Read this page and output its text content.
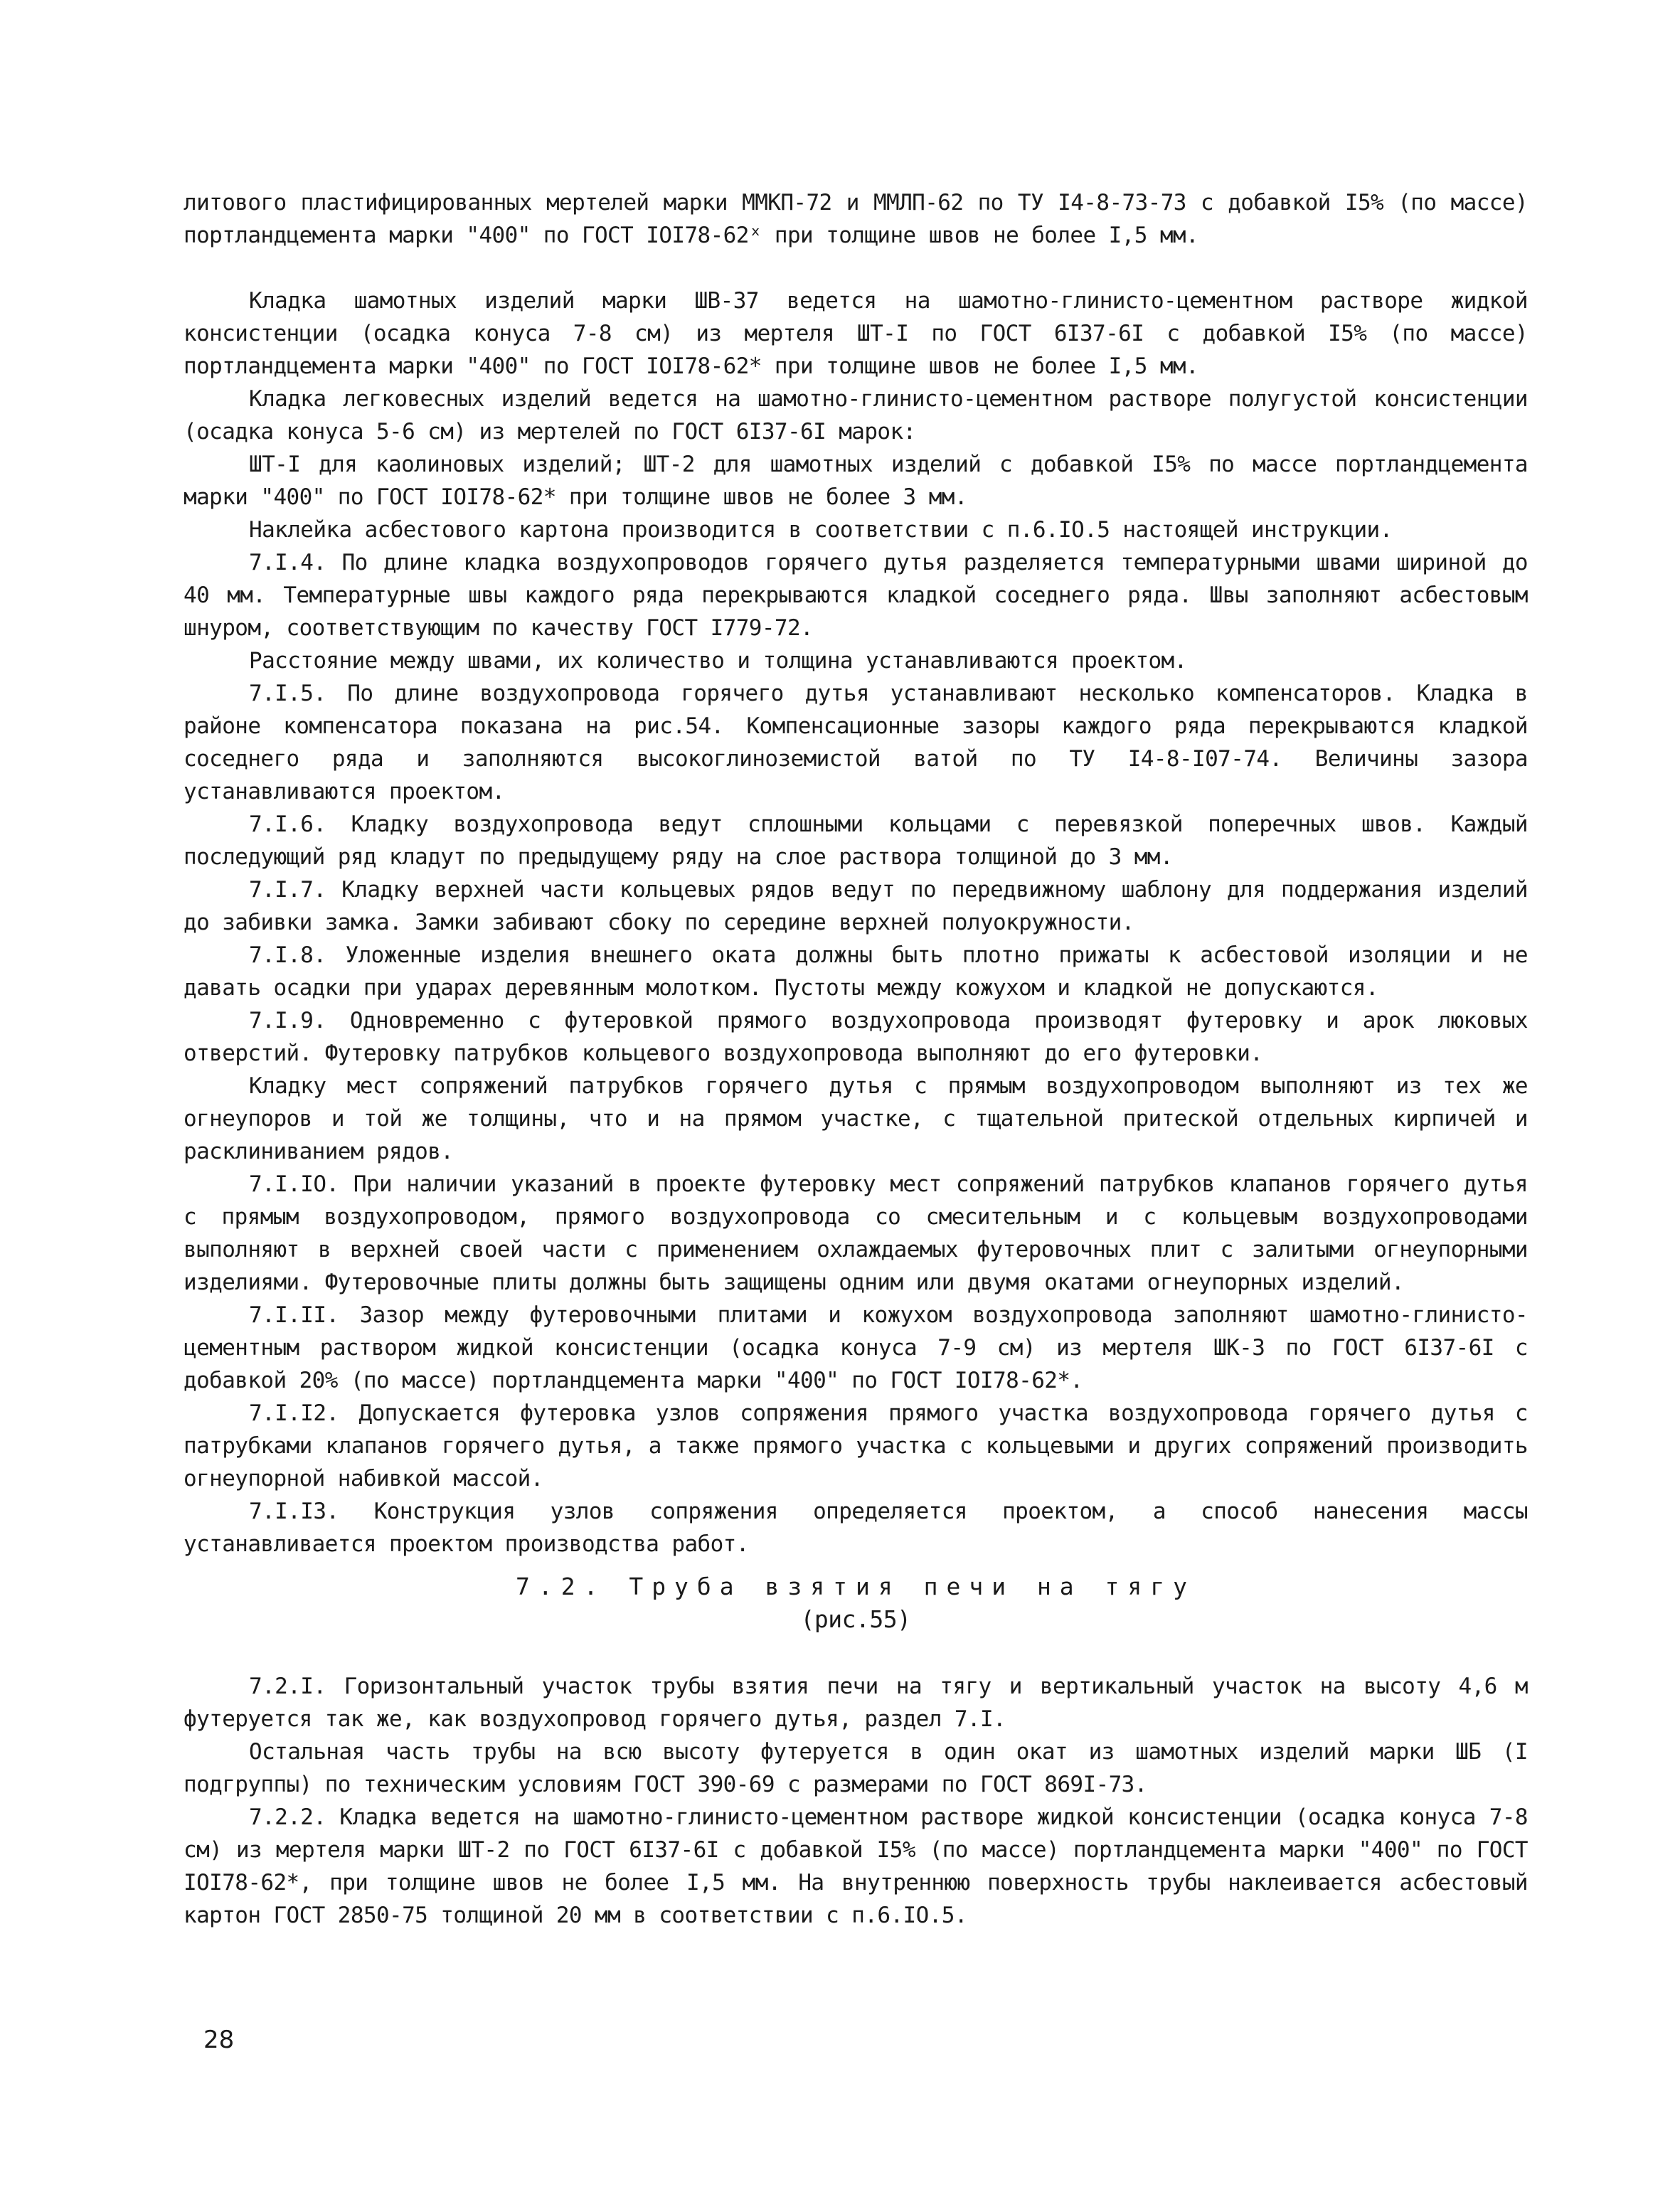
литового пластифицированных мертелей марки ММКП-72 и ММЛП-62 по ТУ I4-8-73-73 с добавкой I5% (по массе) портландцемента марки "400" по ГОСТ IOI78-62ˣ при толщине швов не более I,5 мм.

Кладка шамотных изделий марки ШВ-37 ведется на шамотно-глинисто-цементном растворе жидкой консистенции (осадка конуса 7-8 см) из мертеля ШТ-I по ГОСТ 6I37-6I с добавкой I5% (по массе) портландцемента марки "400" по ГОСТ IOI78-62* при толщине швов не более I,5 мм.

Кладка легковесных изделий ведется на шамотно-глинисто-цементном растворе полугустой консистенции (осадка конуса 5-6 см) из мертелей по ГОСТ 6I37-6I марок:

ШТ-I для каолиновых изделий; ШТ-2 для шамотных изделий с добавкой I5% по массе портландцемента марки "400" по ГОСТ IOI78-62* при толщине швов не более 3 мм.

Наклейка асбестового картона производится в соответствии с п.6.IO.5 настоящей инструкции.

7.I.4. По длине кладка воздухопроводов горячего дутья разделяется температурными швами шириной до 40 мм. Температурные швы каждого ряда перекрываются кладкой соседнего ряда. Швы заполняют асбестовым шнуром, соответствующим по качеству ГОСТ I779-72.

Расстояние между швами, их количество и толщина устанавливаются проектом.

7.I.5. По длине воздухопровода горячего дутья устанавливают несколько компенсаторов. Кладка в районе компенсатора показана на рис.54. Компенсационные зазоры каждого ряда перекрываются кладкой соседнего ряда и заполняются высокоглиноземистой ватой по ТУ I4-8-I07-74. Величины зазора устанавливаются проектом.

7.I.6. Кладку воздухопровода ведут сплошными кольцами с перевязкой поперечных швов. Каждый последующий ряд кладут по предыдущему ряду на слое раствора толщиной до 3 мм.

7.I.7. Кладку верхней части кольцевых рядов ведут по передвижному шаблону для поддержания изделий до забивки замка. Замки забивают сбоку по середине верхней полуокружности.

7.I.8. Уложенные изделия внешнего оката должны быть плотно прижаты к асбестовой изоляции и не давать осадки при ударах деревянным молотком. Пустоты между кожухом и кладкой не допускаются.

7.I.9. Одновременно с футеровкой прямого воздухопровода производят футеровку и арок люковых отверстий. Футеровку патрубков кольцевого воздухопровода выполняют до его футеровки.

Кладку мест сопряжений патрубков горячего дутья с прямым воздухопроводом выполняют из тех же огнеупоров и той же толщины, что и на прямом участке, с тщательной притеской отдельных кирпичей и расклиниванием рядов.

7.I.IO. При наличии указаний в проекте футеровку мест сопряжений патрубков клапанов горячего дутья с прямым воздухопроводом, прямого воздухопровода со смесительным и с кольцевым воздухопроводами выполняют в верхней своей части с применением охлаждаемых футеровочных плит с залитыми огнеупорными изделиями. Футеровочные плиты должны быть защищены одним или двумя окатами огнеупорных изделий.

7.I.II. Зазор между футеровочными плитами и кожухом воздухопровода заполняют шамотно-глинисто-цементным раствором жидкой консистенции (осадка конуса 7-9 см) из мертеля ШК-3 по ГОСТ 6I37-6I с добавкой 20% (по массе) портландцемента марки "400" по ГОСТ IOI78-62*.

7.I.I2. Допускается футеровка узлов сопряжения прямого участка воздухопровода горячего дутья с патрубками клапанов горячего дутья, а также прямого участка с кольцевыми и других сопряжений производить огнеупорной набивкой массой.

7.I.I3. Конструкция узлов сопряжения определяется проектом, а способ нанесения массы устанавливается проектом производства работ.

7.2. Труба взятия печи на тягу
(рис.55)

7.2.I. Горизонтальный участок трубы взятия печи на тягу и вертикальный участок на высоту 4,6 м футеруется так же, как воздухопровод горячего дутья, раздел 7.I.

Остальная часть трубы на всю высоту футеруется в один окат из шамотных изделий марки ШБ (I подгруппы) по техническим условиям ГОСТ 390-69 с размерами по ГОСТ 869I-73.

7.2.2. Кладка ведется на шамотно-глинисто-цементном растворе жидкой консистенции (осадка конуса 7-8 см) из мертеля марки ШТ-2 по ГОСТ 6I37-6I с добавкой I5% (по массе) портландцемента марки "400" по ГОСТ IOI78-62*, при толщине швов не более I,5 мм. На внутреннюю поверхность трубы наклеивается асбестовый картон ГОСТ 2850-75 толщиной 20 мм в соответствии с п.6.IO.5.

28
